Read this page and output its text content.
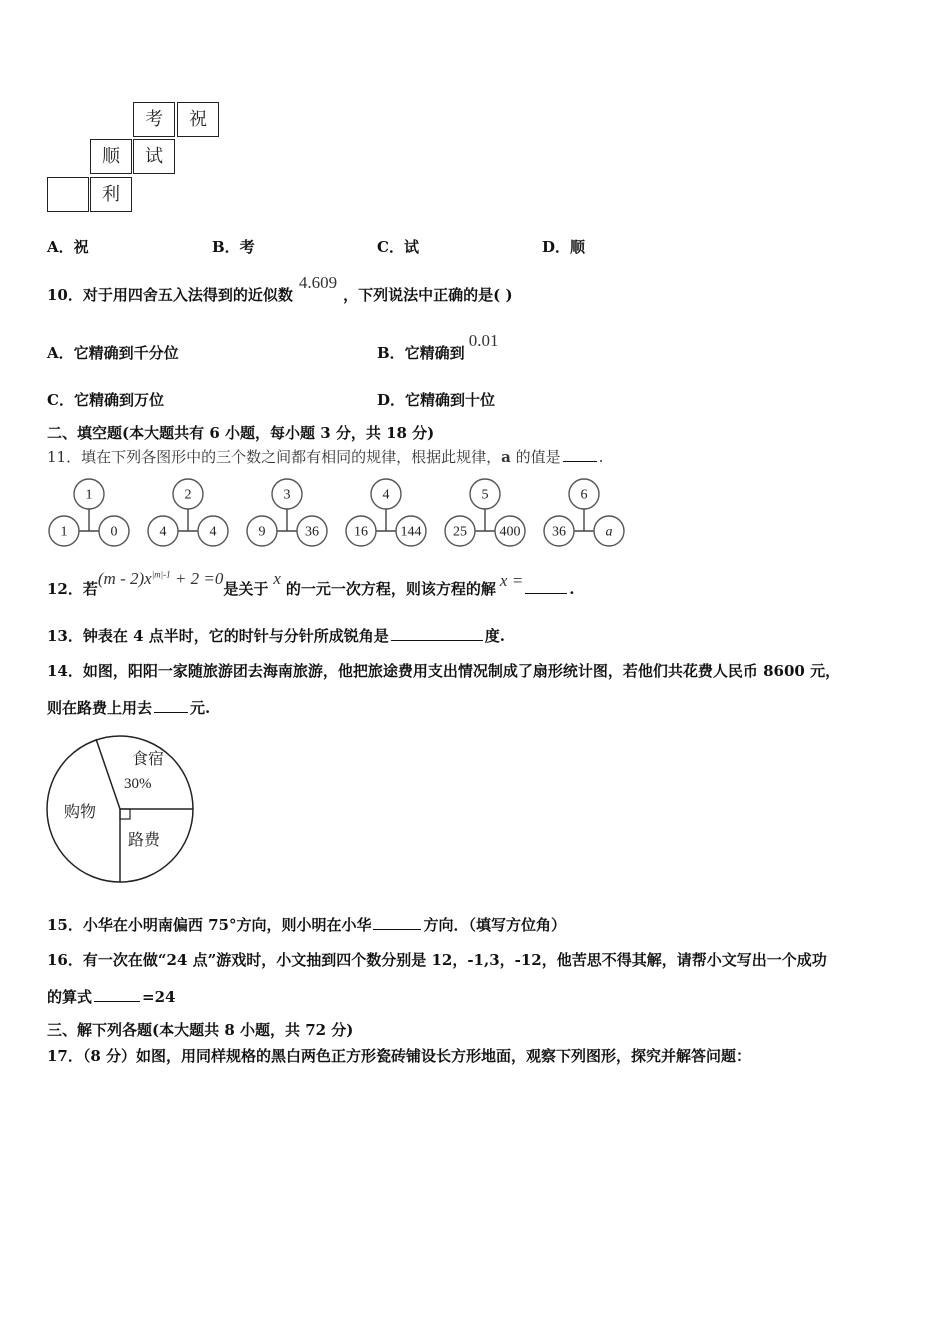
考	祝
顺	试
利
A．祝	B．考	C．试	D．顺
10．对于用四舍五入法得到的近似数4.609，下列说法中正确的是( )
A．它精确到千分位	B．它精确到0.01
C．它精确到万位	D．它精确到十位
二、填空题(本大题共有 6 小题，每小题 3 分，共 18 分)
11．填在下列各图形中的三个数之间都有相同的规律，根据此规律，a 的值是	.
1
1	0
2
4	4
3
9	36
4
16 144
5
25 400
6
36	a
12．若$(m - 2)x^{|m|-1} + 2 =0$是关于x的一元一次方程，则该方程的解 x =	.
13．钟表在 4 点半时，它的时针与分针所成锐角是	度.
14．如图，阳阳一家随旅游团去海南旅游，他把旅途费用支出情况制成了扇形统计图，若他们共花费人民币 8600 元，
则在路费上用去	元.
食宿
30%
购物
路费
15．小华在小明南偏西 75°方向，则小明在小华	方向．（填写方位角）
16．有一次在做“24 点”游戏时，小文抽到四个数分别是 12，-1,3，-12，他苦思不得其解，请帮小文写出一个成功
的算式	=24
三、解下列各题(本大题共 8 小题，共 72 分)
17．（8 分）如图，用同样规格的黑白两色正方形瓷砖铺设长方形地面，观察下列图形，探究并解答问题：
